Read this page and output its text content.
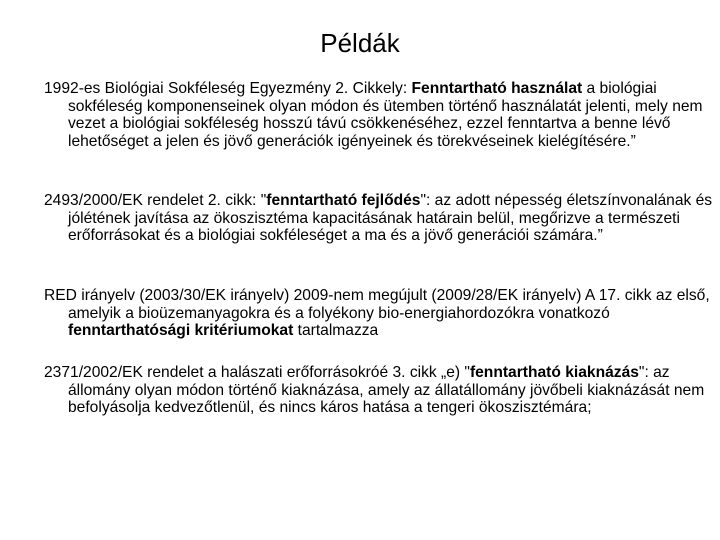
Példák

1992-es Biológiai Sokféleség Egyezmény 2. Cikkely: Fenntartható használat a biológiai sokféleség komponenseinek olyan módon és ütemben történő használatát jelenti, mely nem vezet a biológiai sokféleség hosszú távú csökkenéséhez, ezzel fenntartva a benne lévő lehetőséget a jelen és jövő generációk igényeinek és törekvéseinek kielégítésére.”

2493/2000/EK rendelet 2. cikk: "fenntartható fejlődés": az adott népesség életszínvonalának és jólétének javítása az ökoszisztéma kapacitásának határain belül, megőrizve a természeti erőforrásokat és a biológiai sokféleséget a ma és a jövő generációi számára.”

RED irányelv (2003/30/EK irányelv) 2009-nem megújult (2009/28/EK irányelv) A 17. cikk az első, amelyik a bioüzemanyagokra és a folyékony bio-energiahordozókra vonatkozó fenntarthatósági kritériumokat tartalmazza

2371/2002/EK rendelet a halászati erőforrásokróé 3. cikk „e) "fenntartható kiaknázás": az állomány olyan módon történő kiaknázása, amely az állatállomány jövőbeli kiaknázását nem befolyásolja kedvezőtlenül, és nincs káros hatása a tengeri ökoszisztémára;
